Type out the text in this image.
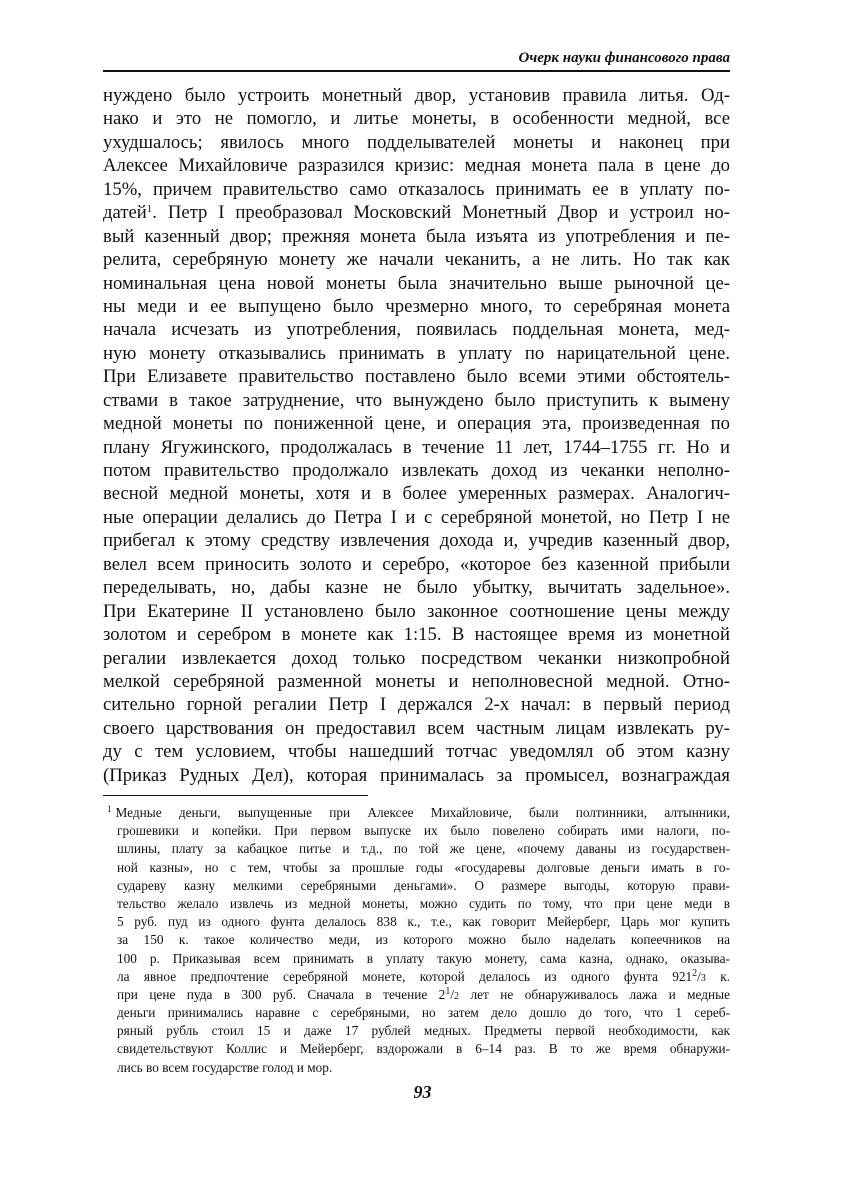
Очерк науки финансового права
нуждено было устроить монетный двор, установив правила литья. Од-
нако и это не помогло, и литье монеты, в особенности медной, все
ухудшалось; явилось много подделывателей монеты и наконец при
Алексее Михайловиче разразился кризис: медная монета пала в цене до
15%, причем правительство само отказалось принимать ее в уплату по-
датей$^1$. Петр I преобразовал Московский Монетный Двор и устроил но-
вый казенный двор; прежняя монета была изъята из употребления и пе-
релита, серебряную монету же начали чеканить, а не лить. Но так как
номинальная цена новой монеты была значительно выше рыночной це-
ны меди и ее выпущено было чрезмерно много, то серебряная монета
начала исчезать из употребления, появилась поддельная монета, мед-
ную монету отказывались принимать в уплату по нарицательной цене.
При Елизавете правительство поставлено было всеми этими обстоятель-
ствами в такое затруднение, что вынуждено было приступить к вымену
медной монеты по пониженной цене, и операция эта, произведенная по
плану Ягужинского, продолжалась в течение 11 лет, 1744–1755 гг. Но и
потом правительство продолжало извлекать доход из чеканки неполно-
весной медной монеты, хотя и в более умеренных размерах. Аналогич-
ные операции делались до Петра I и с серебряной монетой, но Петр I не
прибегал к этому средству извлечения дохода и, учредив казенный двор,
велел всем приносить золото и серебро, «которое без казенной прибыли
переделывать, но, дабы казне не было убытку, вычитать задельное».
При Екатерине II установлено было законное соотношение цены между
золотом и серебром в монете как 1:15. В настоящее время из монетной
регалии извлекается доход только посредством чеканки низкопробной
мелкой серебряной разменной монеты и неполновесной медной. Отно-
сительно горной регалии Петр I держался 2-х начал: в первый период
своего царствования он предоставил всем частным лицам извлекать ру-
ду с тем условием, чтобы нашедший тотчас уведомлял об этом казну
(Приказ Рудных Дел), которая принималась за промысел, вознаграждая
$^1$ Медные деньги, выпущенные при Алексее Михайловиче, были полтинники, алтынники,
грошевики и копейки. При первом выпуске их было повелено собирать ими налоги, по-
шлины, плату за кабацкое питье и т.д., по той же цене, «почему даваны из государствен-
ной казны», но с тем, чтобы за прошлые годы «государевы долговые деньги имать в го-
судареву казну мелкими серебряными деньгами». О размере выгоды, которую прави-
тельство желало извлечь из медной монеты, можно судить по тому, что при цене меди в
5 руб. пуд из одного фунта делалось 838 к., т.е., как говорит Мейерберг, Царь мог купить
за 150 к. такое количество меди, из которого можно было наделать копеечников на
100 р. Приказывая всем принимать в уплату такую монету, сама казна, однако, оказыва-
ла явное предпочтение серебряной монете, которой делалось из одного фунта $921^2/3$ к.
при цене пуда в 300 руб. Сначала в течение $2^1/2$ лет не обнаруживалось лажа и медные
деньги принимались наравне с серебряными, но затем дело дошло до того, что 1 сереб-
ряный рубль стоил 15 и даже 17 рублей медных. Предметы первой необходимости, как
свидетельствуют Коллис и Мейерберг, вздорожали в 6–14 раз. В то же время обнаружи-
лись во всем государстве голод и мор.
93
